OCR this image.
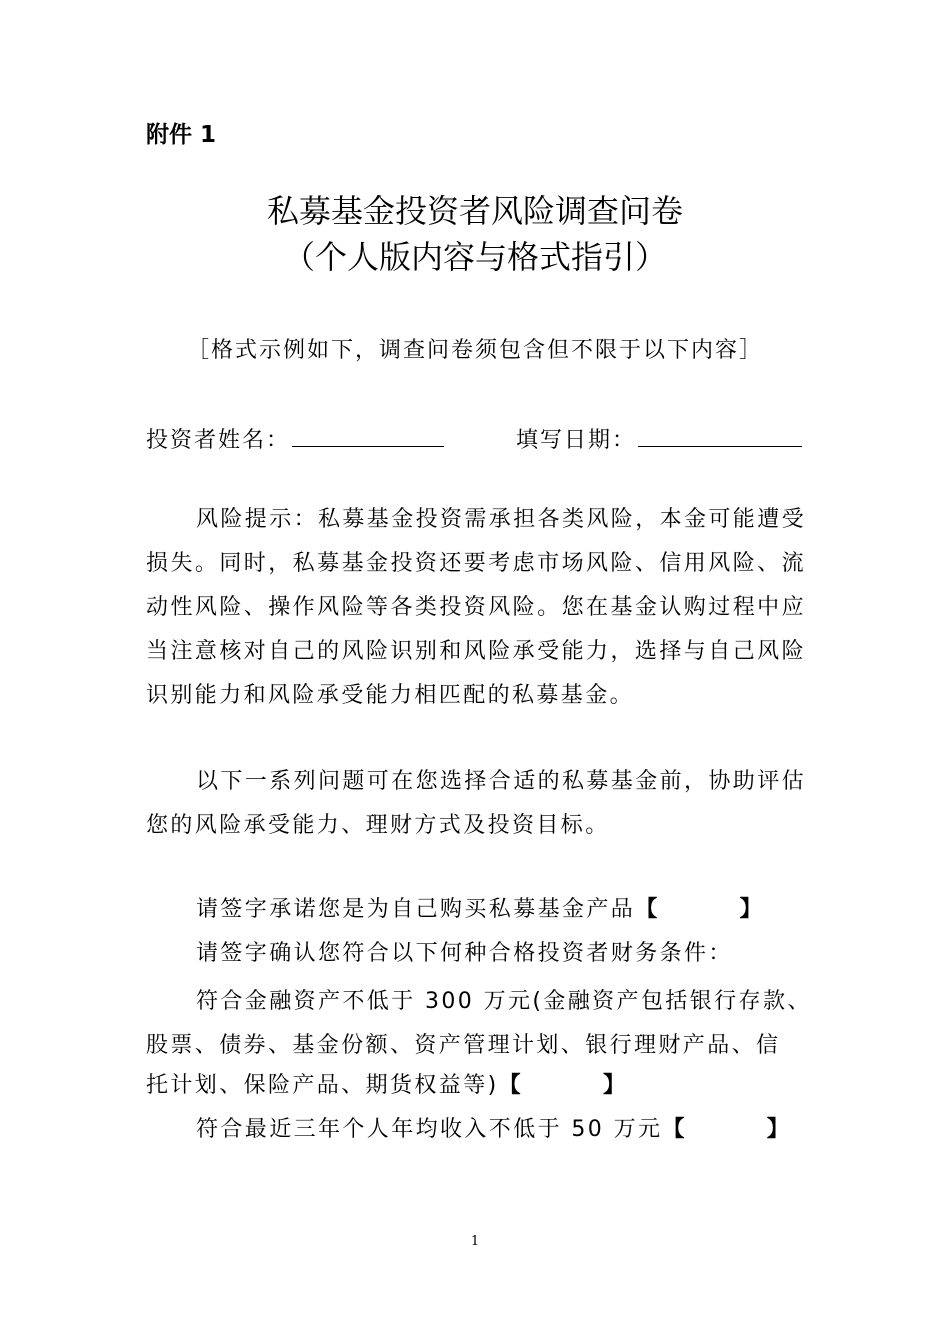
附件 1
私募基金投资者风险调查问卷
（个人版内容与格式指引）
［格式示例如下，调查问卷须包含但不限于以下内容］
投资者姓名：	填写日期：
风险提示：私募基金投资需承担各类风险，本金可能遭受损失。同时，私募基金投资还要考虑市场风险、信用风险、流动性风险、操作风险等各类投资风险。您在基金认购过程中应当注意核对自己的风险识别和风险承受能力，选择与自己风险识别能力和风险承受能力相匹配的私募基金。
以下一系列问题可在您选择合适的私募基金前，协助评估您的风险承受能力、理财方式及投资目标。
请签字承诺您是为自己购买私募基金产品【	】
请签字确认您符合以下何种合格投资者财务条件：
符合金融资产不低于 300 万元(金融资产包括银行存款、
股票、债券、基金份额、资产管理计划、银行理财产品、信
托计划、保险产品、期货权益等)【	】
符合最近三年个人年均收入不低于 50 万元【	】
1
